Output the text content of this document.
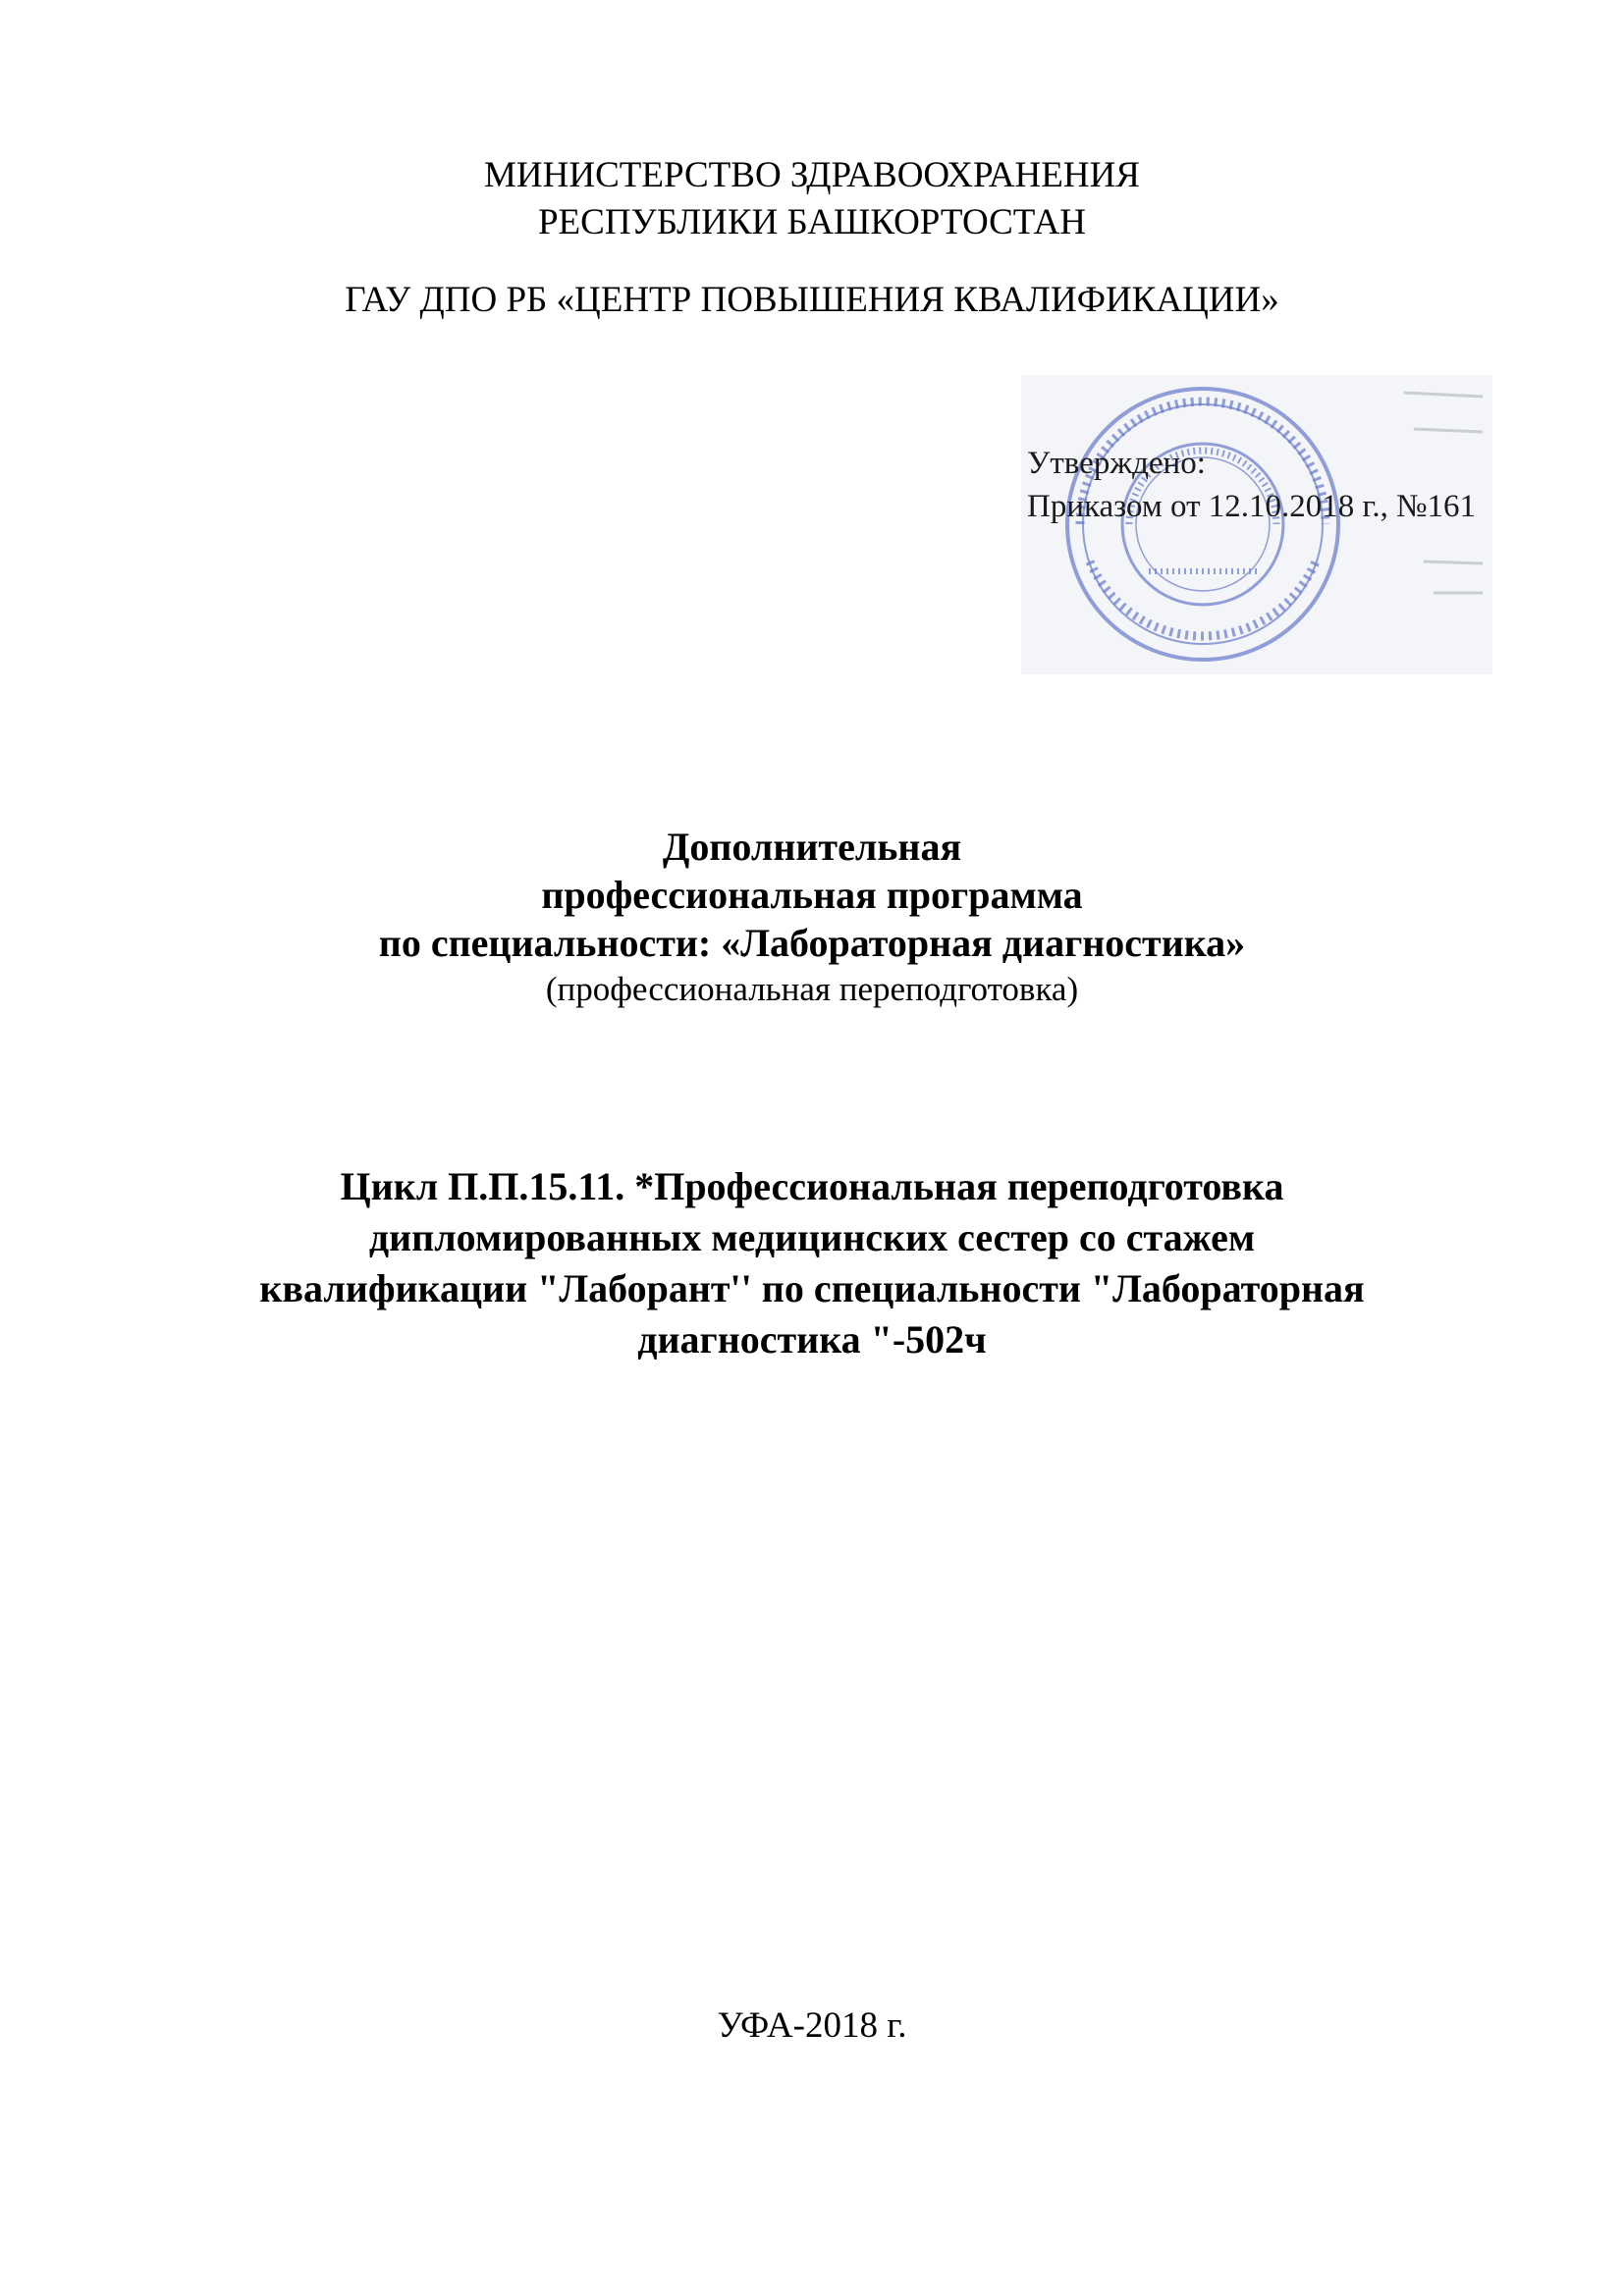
МИНИСТЕРСТВО ЗДРАВООХРАНЕНИЯ
РЕСПУБЛИКИ БАШКОРТОСТАН
ГАУ ДПО РБ «ЦЕНТР ПОВЫШЕНИЯ КВАЛИФИКАЦИИ»
Утверждено:
Приказом от 12.10.2018 г., №161
Дополнительная
профессиональная программа
по специальности: «Лабораторная диагностика»
(профессиональная переподготовка)
Цикл П.П.15.11. *Профессиональная переподготовка
дипломированных медицинских сестер со стажем
квалификации "Лаборант'' по специальности "Лабораторная
диагностика "-502ч
УФА-2018 г.
